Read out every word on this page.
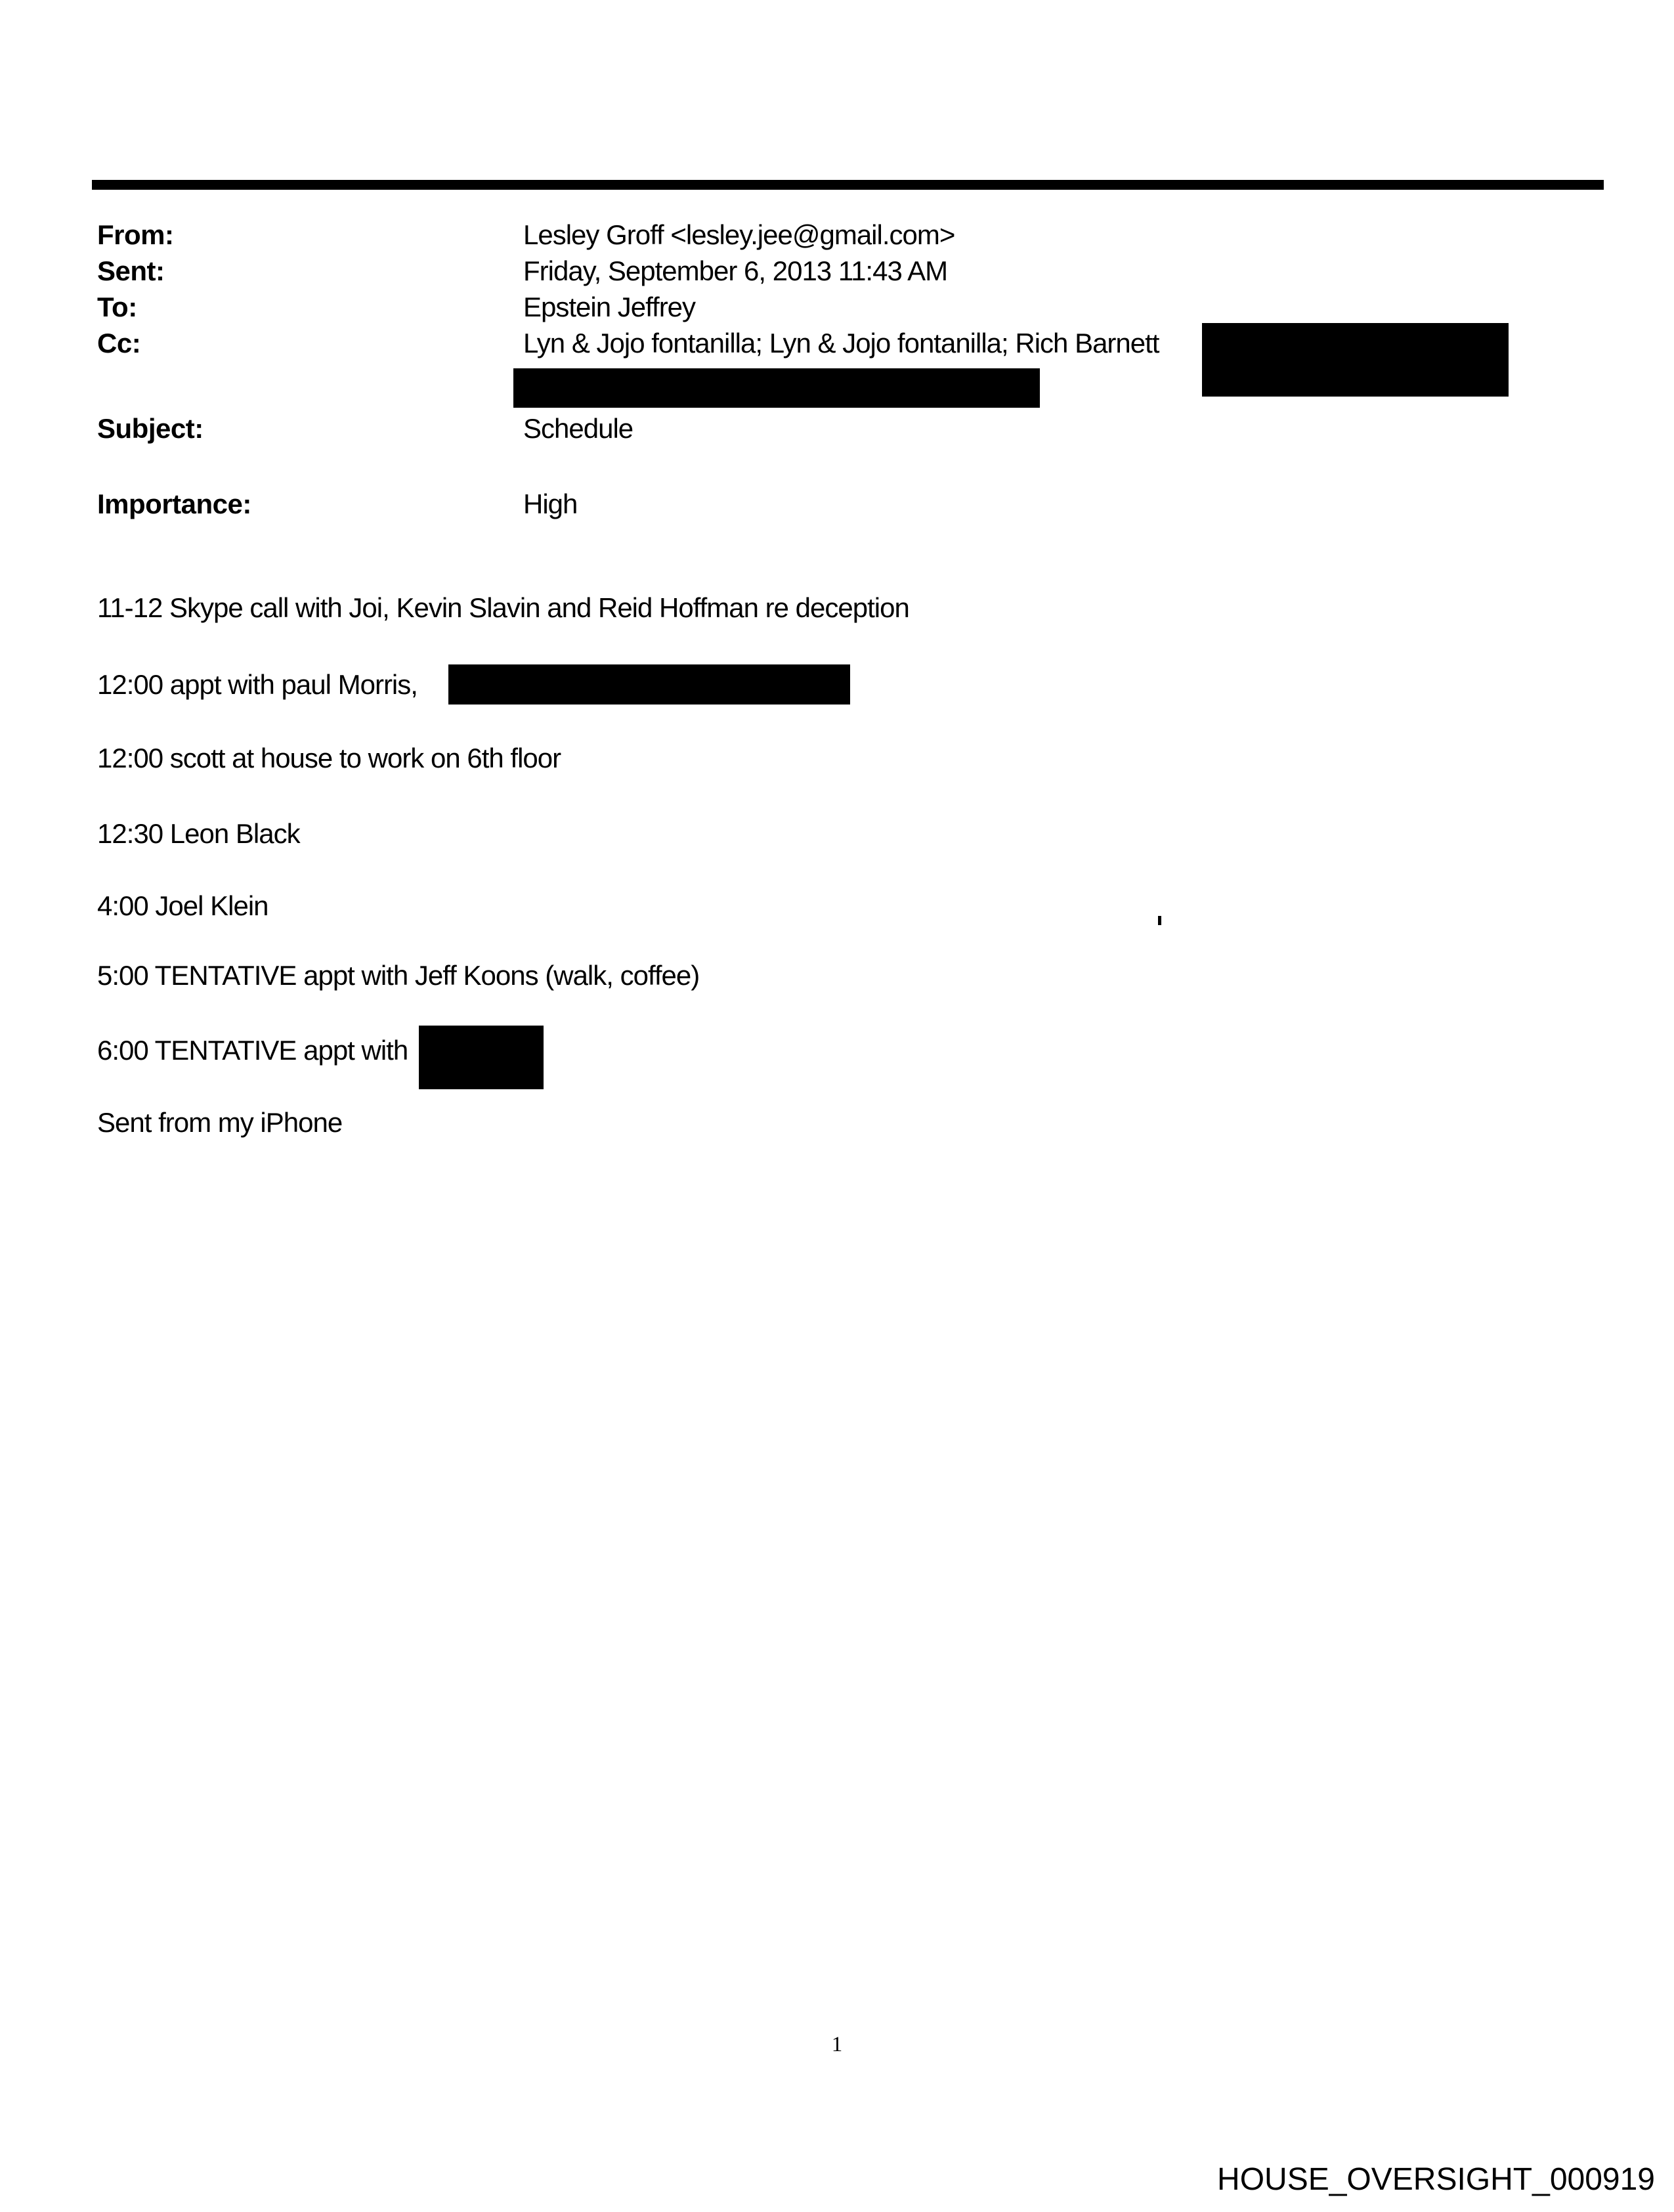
From:	Lesley Groff <lesley.jee@gmail.com>
Sent:	Friday, September 6, 2013 11:43 AM
To:	Epstein Jeffrey
Cc:	Lyn & Jojo fontanilla; Lyn & Jojo fontanilla; Rich Barnett
Subject:	Schedule
Importance:	High
11-12 Skype call with Joi, Kevin Slavin and Reid Hoffman re deception
12:00 appt with paul Morris,
12:00 scott at house to work on 6th floor
12:30 Leon Black
4:00 Joel Klein
5:00 TENTATIVE appt with Jeff Koons (walk, coffee)
6:00 TENTATIVE appt with
Sent from my iPhone
1
HOUSE_OVERSIGHT_000919
